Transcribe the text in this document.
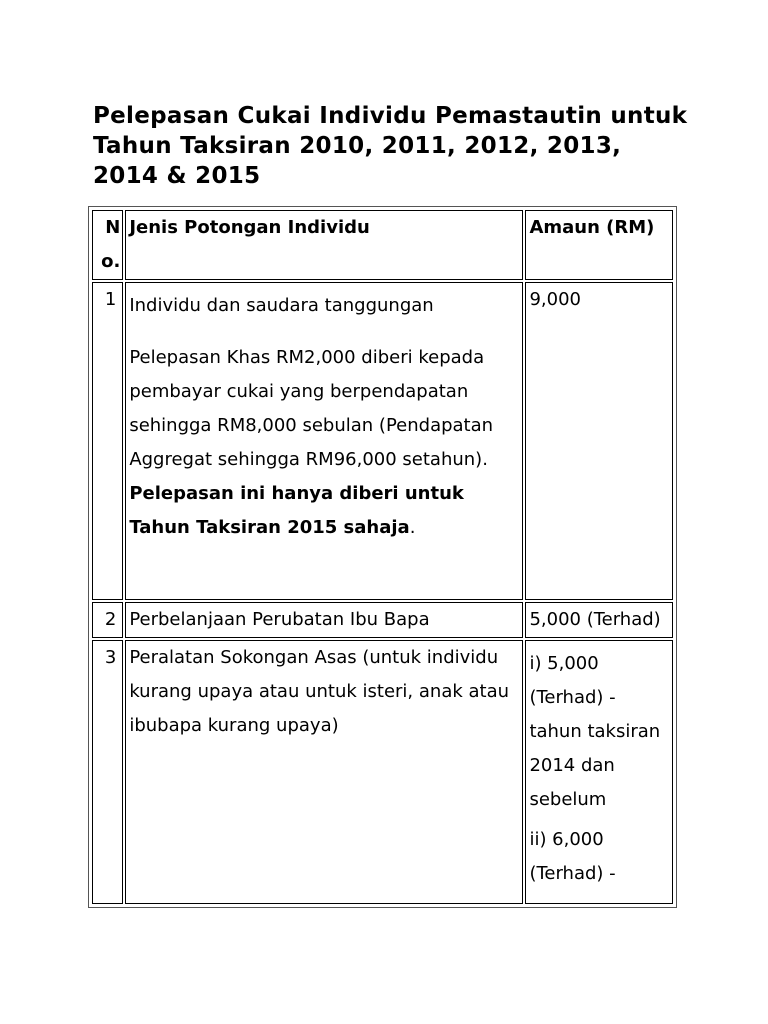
Pelepasan Cukai Individu Pemastautin untuk Tahun Taksiran 2010, 2011, 2012, 2013, 2014 & 2015
No.	Jenis Potongan Individu	Amaun (RM)
1	Individu dan saudara tanggungan

Pelepasan Khas RM2,000 diberi kepada pembayar cukai yang berpendapatan sehingga RM8,000 sebulan (Pendapatan Aggregat sehingga RM96,000 setahun).

Pelepasan ini hanya diberi untuk Tahun Taksiran 2015 sahaja.	9,000
2	Perbelanjaan Perubatan Ibu Bapa	5,000 (Terhad)
3	Peralatan Sokongan Asas (untuk individu kurang upaya atau untuk isteri, anak atau ibubapa kurang upaya)	i) 5,000 (Terhad) - tahun taksiran 2014 dan sebelum

ii) 6,000 (Terhad) -
